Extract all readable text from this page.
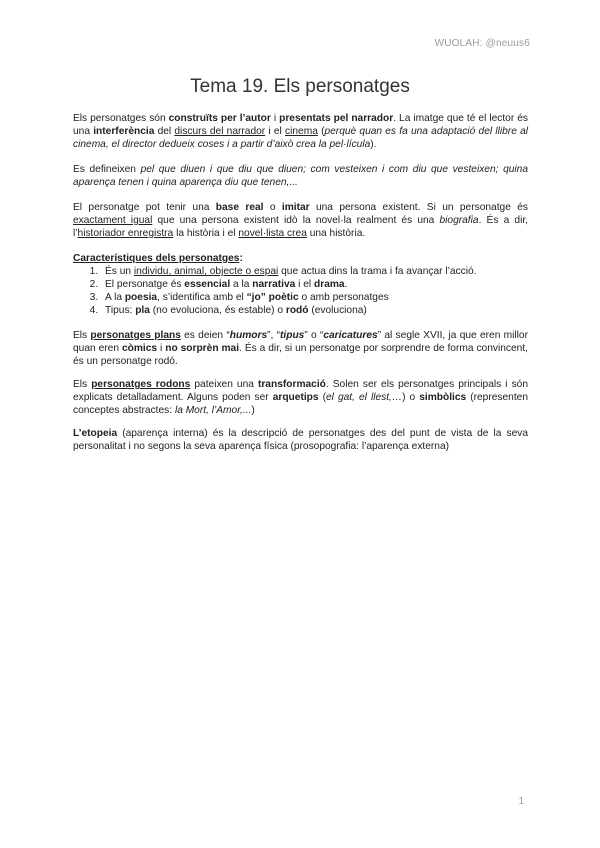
WUOLAH: @neuus6
Tema 19. Els personatges

Els personatges són construïts per l’autor i presentats pel narrador. La imatge que té el lector és una interferència del discurs del narrador i el cinema (perquè quan es fa una adaptació del llibre al cinema, el director dedueix coses i a partir d’això crea la pel·lícula).

Es defineixen pel que diuen i que diu que diuen; com vesteixen i com diu que vesteixen; quina aparença tenen i quina aparença diu que tenen,...

El personatge pot tenir una base real o imitar una persona existent. Si un personatge és exactament igual que una persona existent idò la novel·la realment és una biografia. És a dir, l’historiador enregistra la història i el novel·lista crea una història.

Característiques dels personatges:
1. És un individu, animal, objecte o espai que actua dins la trama i fa avançar l’acció.
2. El personatge és essencial a la narrativa i el drama.
3. A la poesia, s’identifica amb el “jo” poètic o amb personatges
4. Tipus: pla (no evoluciona, és estable) o rodó (evoluciona)

Els personatges plans es deien “humors”, “tipus” o “caricatures” al segle XVII, ja que eren millor quan eren còmics i no sorprèn mai. És a dir, si un personatge por sorprendre de forma convincent, és un personatge rodó.

Els personatges rodons pateixen una transformació. Solen ser els personatges principals i són explicats detalladament. Alguns poden ser arquetips (el gat, el llest,…) o simbòlics (representen conceptes abstractes: la Mort, l’Amor,...)

L’etopeia (aparença interna) és la descripció de personatges des del punt de vista de la seva personalitat i no segons la seva aparença física (prosopografia: l’aparença externa)

1
